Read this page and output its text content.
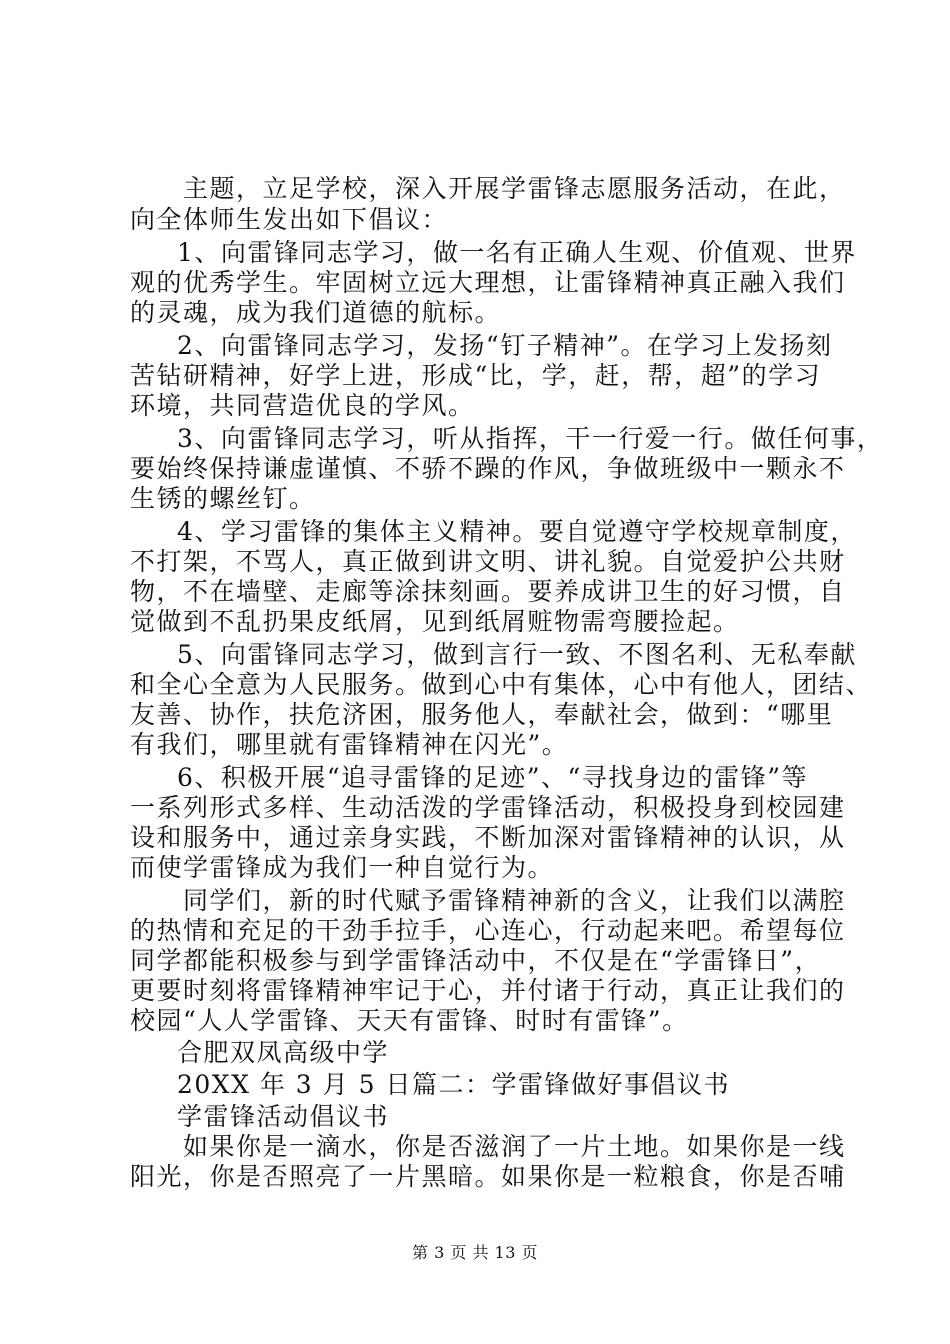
主题，立足学校，深入开展学雷锋志愿服务活动，在此，
向全体师生发出如下倡议：
1、向雷锋同志学习，做一名有正确人生观、价值观、世界
观的优秀学生。牢固树立远大理想，让雷锋精神真正融入我们
的灵魂，成为我们道德的航标。
2、向雷锋同志学习，发扬“钉子精神”。在学习上发扬刻
苦钻研精神，好学上进，形成“比，学，赶，帮，超”的学习
环境，共同营造优良的学风。
3、向雷锋同志学习，听从指挥，干一行爱一行。做任何事，
要始终保持谦虚谨慎、不骄不躁的作风，争做班级中一颗永不
生锈的螺丝钉。
4、学习雷锋的集体主义精神。要自觉遵守学校规章制度，
不打架，不骂人，真正做到讲文明、讲礼貌。自觉爱护公共财
物，不在墙壁、走廊等涂抹刻画。要养成讲卫生的好习惯，自
觉做到不乱扔果皮纸屑，见到纸屑赃物需弯腰捡起。
5、向雷锋同志学习，做到言行一致、不图名利、无私奉献
和全心全意为人民服务。做到心中有集体，心中有他人，团结、
友善、协作，扶危济困，服务他人，奉献社会，做到：“哪里
有我们，哪里就有雷锋精神在闪光”。
6、积极开展“追寻雷锋的足迹”、“寻找身边的雷锋”等
一系列形式多样、生动活泼的学雷锋活动，积极投身到校园建
设和服务中，通过亲身实践，不断加深对雷锋精神的认识，从
而使学雷锋成为我们一种自觉行为。
同学们，新的时代赋予雷锋精神新的含义，让我们以满腔
的热情和充足的干劲手拉手，心连心，行动起来吧。希望每位
同学都能积极参与到学雷锋活动中，不仅是在“学雷锋日”，
更要时刻将雷锋精神牢记于心，并付诸于行动，真正让我们的
校园“人人学雷锋、天天有雷锋、时时有雷锋”。
合肥双凤高级中学
20XX 年 3 月 5 日篇二：学雷锋做好事倡议书
学雷锋活动倡议书
如果你是一滴水，你是否滋润了一片土地。如果你是一线
阳光，你是否照亮了一片黑暗。如果你是一粒粮食，你是否哺
第 3 页 共 13 页
